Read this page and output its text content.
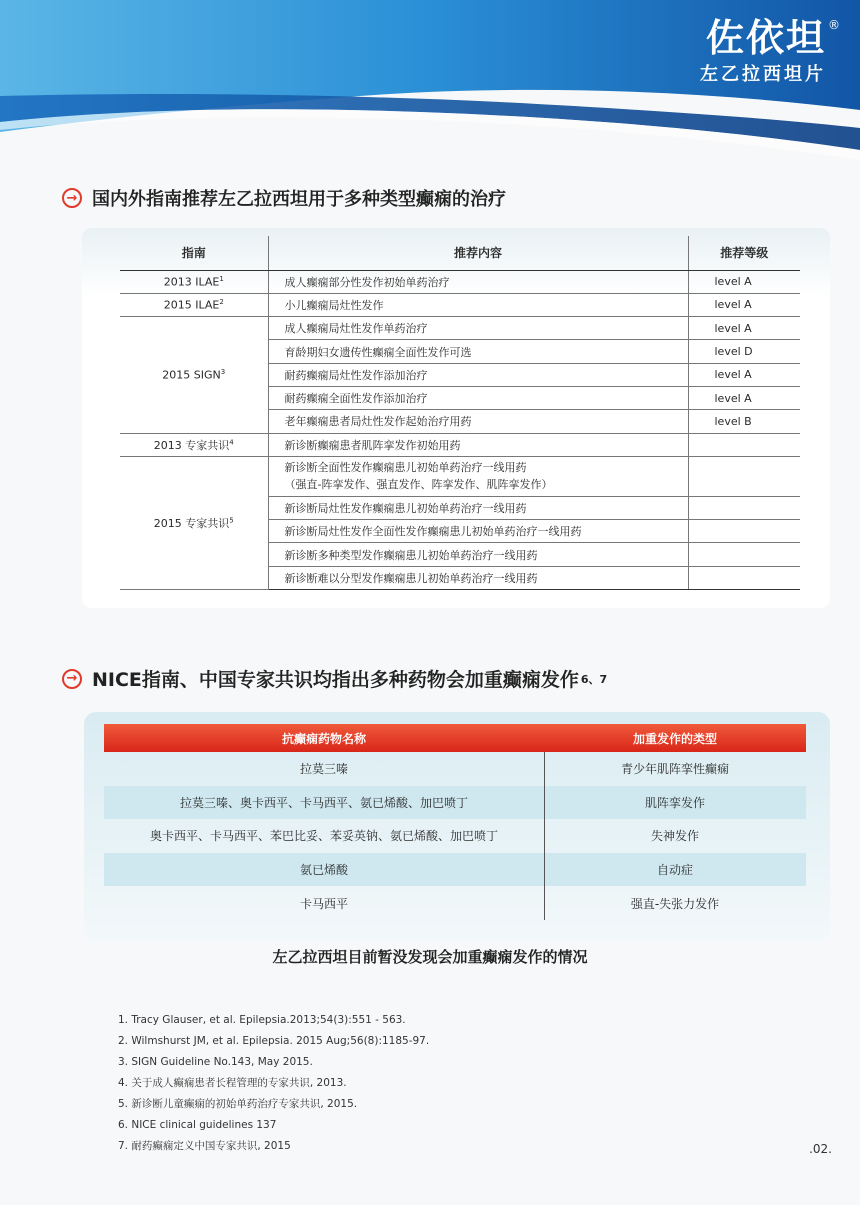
佐依坦 ®
左乙拉西坦片
→ 国内外指南推荐左乙拉西坦用于多种类型癫痫的治疗
指南	推荐内容	推荐等级
2013 ILAE$^1$	成人癫痫部分性发作初始单药治疗	level A
2015 ILAE$^2$	小儿癫痫局灶性发作	level A
2015 SIGN$^3$	成人癫痫局灶性发作单药治疗	level A
	育龄期妇女遗传性癫痫全面性发作可选	level D
	耐药癫痫局灶性发作添加治疗	level A
	耐药癫痫全面性发作添加治疗	level A
	老年癫痫患者局灶性发作起始治疗用药	level B
2013 专家共识$^4$	新诊断癫痫患者肌阵挛发作初始用药	
2015 专家共识$^5$	新诊断全面性发作癫痫患儿初始单药治疗一线用药
（强直-阵挛发作、强直发作、阵挛发作、肌阵挛发作）	

	新诊断局灶性发作癫痫患儿初始单药治疗一线用药	
	新诊断局灶性发作全面性发作癫痫患儿初始单药治疗一线用药	
	新诊断多种类型发作癫痫患儿初始单药治疗一线用药	
	新诊断难以分型发作癫痫患儿初始单药治疗一线用药	
→ NICE指南、中国专家共识均指出多种药物会加重癫痫发作 6、7
抗癫痫药物名称	加重发作的类型
拉莫三嗪	青少年肌阵挛性癫痫
拉莫三嗪、奥卡西平、卡马西平、氨已烯酸、加巴喷丁	肌阵挛发作
奥卡西平、卡马西平、苯巴比妥、苯妥英钠、氨已烯酸、加巴喷丁	失神发作
氨已烯酸	自动症
卡马西平	强直-失张力发作
左乙拉西坦目前暂没发现会加重癫痫发作的情况
1. Tracy Glauser, et al. Epilepsia.2013;54(3):551 - 563.
2. Wilmshurst JM, et al. Epilepsia. 2015 Aug;56(8):1185-97.
3. SIGN Guideline No.143, May 2015.
4. 关于成人癫痫患者长程管理的专家共识, 2013.
5. 新诊断儿童癫痫的初始单药治疗专家共识, 2015.
6. NICE clinical guidelines 137
7. 耐药癫痫定义中国专家共识, 2015	.02.
